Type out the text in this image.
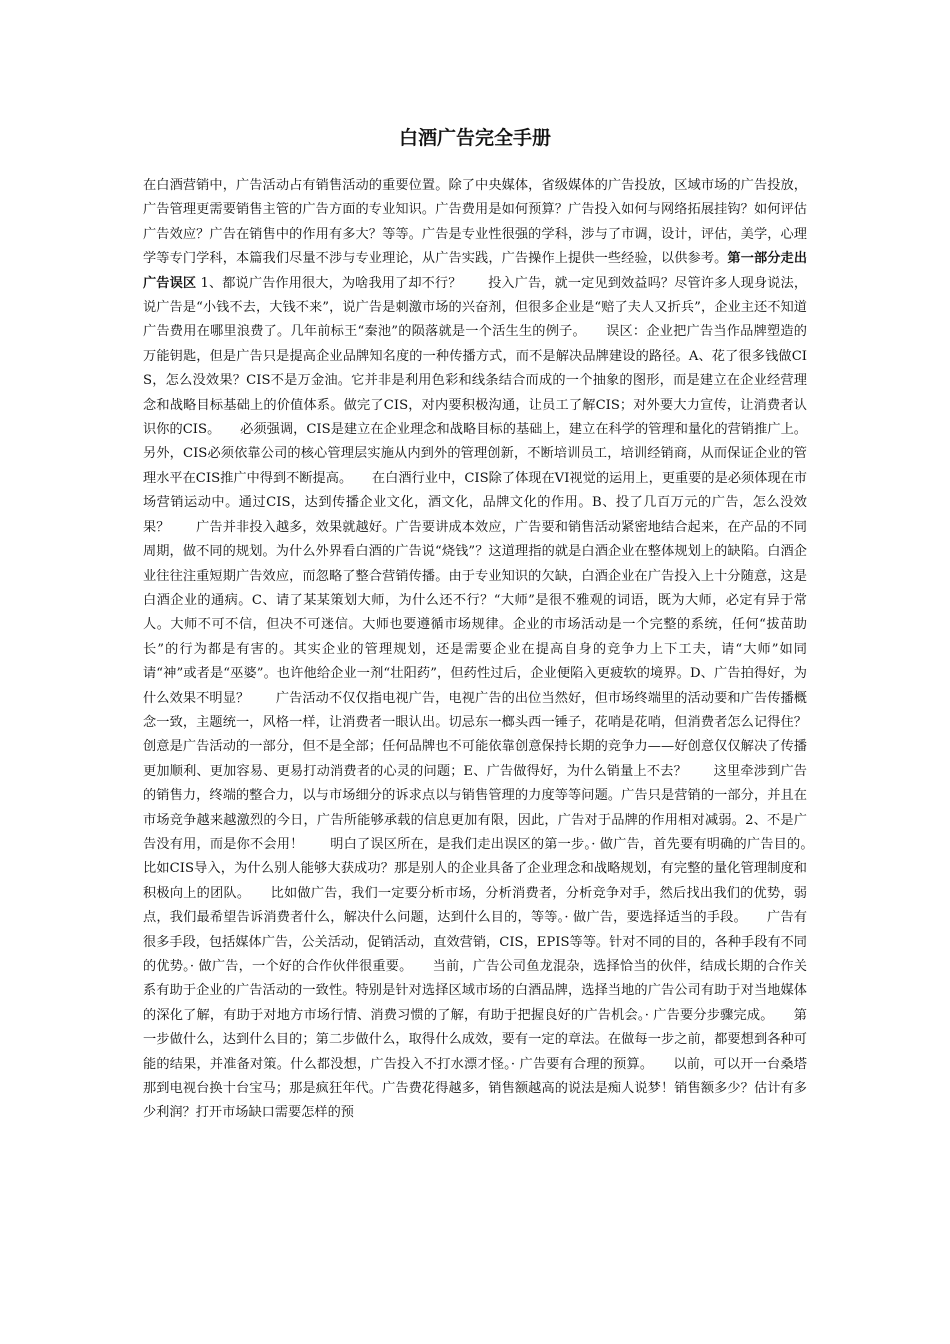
白酒广告完全手册

在白酒营销中，广告活动占有销售活动的重要位置。除了中央媒体，省级媒体的广告投放，区域市场的广告投放，广告管理更需要销售主管的广告方面的专业知识。广告费用是如何预算？广告投入如何与网络拓展挂钩？如何评估广告效应？广告在销售中的作用有多大？等等。广告是专业性很强的学科，涉与了市调，设计，评估，美学，心理学等专门学科，本篇我们尽量不涉与专业理论，从广告实践，广告操作上提供一些经验，以供参考。第一部分走出广告误区 1、都说广告作用很大，为啥我用了却不行？　　投入广告，就一定见到效益吗？尽管许多人现身说法，说广告是“小钱不去，大钱不来”，说广告是刺激市场的兴奋剂，但很多企业是“赔了夫人又折兵”，企业主还不知道广告费用在哪里浪费了。几年前标王“秦池”的陨落就是一个活生生的例子。　　误区：企业把广告当作品牌塑造的万能钥匙，但是广告只是提高企业品牌知名度的一种传播方式，而不是解决品牌建设的路径。A、花了很多钱做CIS，怎么没效果？CIS不是万金油。它并非是利用色彩和线条结合而成的一个抽象的图形，而是建立在企业经营理念和战略目标基础上的价值体系。做完了CIS，对内要积极沟通，让员工了解CIS；对外要大力宣传，让消费者认识你的CIS。　　必须强调，CIS是建立在企业理念和战略目标的基础上，建立在科学的管理和量化的营销推广上。另外，CIS必须依靠公司的核心管理层实施从内到外的管理创新，不断培训员工，培训经销商，从而保证企业的管理水平在CIS推广中得到不断提高。　　在白酒行业中，CIS除了体现在VI视觉的运用上，更重要的是必须体现在市场营销运动中。通过CIS，达到传播企业文化，酒文化，品牌文化的作用。B、投了几百万元的广告，怎么没效果？　　广告并非投入越多，效果就越好。广告要讲成本效应，广告要和销售活动紧密地结合起来，在产品的不同周期，做不同的规划。为什么外界看白酒的广告说“烧钱”？这道理指的就是白酒企业在整体规划上的缺陷。白酒企业往往注重短期广告效应，而忽略了整合营销传播。由于专业知识的欠缺，白酒企业在广告投入上十分随意，这是白酒企业的通病。C、请了某某策划大师，为什么还不行？“大师”是很不雅观的词语，既为大师，必定有异于常人。大师不可不信，但决不可迷信。大师也要遵循市场规律。企业的市场活动是一个完整的系统，任何“拔苗助长”的行为都是有害的。其实企业的管理规划，还是需要企业在提高自身的竞争力上下工夫，请“大师”如同请“神”或者是“巫婆”。也许他给企业一剂“壮阳药”，但药性过后，企业便陷入更疲软的境界。D、广告拍得好，为什么效果不明显？　　广告活动不仅仅指电视广告，电视广告的出位当然好，但市场终端里的活动要和广告传播概念一致，主题统一，风格一样，让消费者一眼认出。切忌东一榔头西一锤子，花哨是花哨，但消费者怎么记得住？创意是广告活动的一部分，但不是全部；任何品牌也不可能依靠创意保持长期的竞争力——好创意仅仅解决了传播更加顺利、更加容易、更易打动消费者的心灵的问题；E、广告做得好，为什么销量上不去？　　这里牵涉到广告的销售力，终端的整合力，以与市场细分的诉求点以与销售管理的力度等等问题。广告只是营销的一部分，并且在市场竞争越来越激烈的今日，广告所能够承载的信息更加有限，因此，广告对于品牌的作用相对减弱。2、不是广告没有用，而是你不会用！　　明白了误区所在，是我们走出误区的第一步。· 做广告，首先要有明确的广告目的。　　比如CIS导入，为什么别人能够大获成功？那是别人的企业具备了企业理念和战略规划，有完整的量化管理制度和积极向上的团队。　　比如做广告，我们一定要分析市场，分析消费者，分析竞争对手，然后找出我们的优势，弱点，我们最希望告诉消费者什么，解决什么问题，达到什么目的，等等。· 做广告，要选择适当的手段。　　广告有很多手段，包括媒体广告，公关活动，促销活动，直效营销，CIS，EPIS等等。针对不同的目的，各种手段有不同的优势。· 做广告，一个好的合作伙伴很重要。　　当前，广告公司鱼龙混杂，选择恰当的伙伴，结成长期的合作关系有助于企业的广告活动的一致性。特别是针对选择区域市场的白酒品牌，选择当地的广告公司有助于对当地媒体的深化了解，有助于对地方市场行情、消费习惯的了解，有助于把握良好的广告机会。· 广告要分步骤完成。　　第一步做什么，达到什么目的；第二步做什么，取得什么成效，要有一定的章法。在做每一步之前，都要想到各种可能的结果，并准备对策。什么都没想，广告投入不打水漂才怪。· 广告要有合理的预算。　　以前，可以开一台桑塔那到电视台换十台宝马；那是疯狂年代。广告费花得越多，销售额越高的说法是痴人说梦！销售额多少？估计有多少利润？打开市场缺口需要怎样的预
